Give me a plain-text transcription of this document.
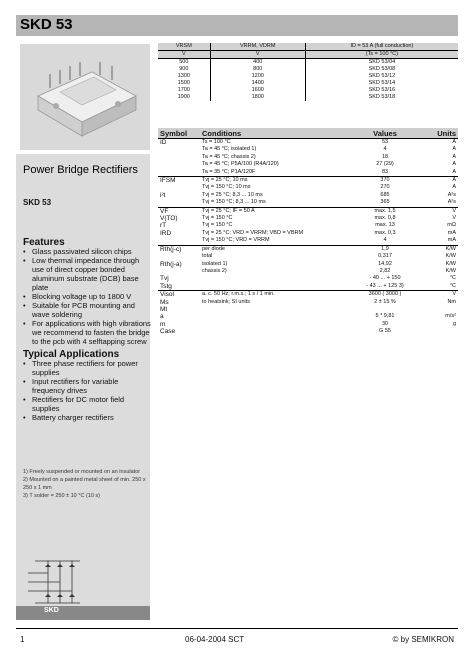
SKD 53
Power Bridge Rectifiers
SKD 53
Features
• Glass passivated silicon chips
• Low thermal impedance through use of direct copper bonded aluminum substrate (DCB) base plate
• Blocking voltage up to 1800 V
• Suitable for PCB mounting and wave soldering
• For applications with high vibrations we recommend to fasten the bridge to the pcb with 4 selftapping screw
Typical Applications
• Three phase rectifiers for power supplies
• Input rectifiers for variable frequency drives
• Rectifiers for DC motor field supplies
• Battery charger rectifiers
1) Freely suspended or mounted on an insulator
2) Mounted on a painted metal sheet of min. 250 x 250 x 1 mm
3) T solder = 250 ± 10 °C (10 s)
SKD
VRSM	VRRM, VDRM	ID = 53 A (full conduction)
V	V	(Ts = 100 °C)
500	400	SKD 53/04
900	800	SKD 53/08
1300	1200	SKD 53/12
1500	1400	SKD 53/14
1700	1600	SKD 53/16
1900	1800	SKD 53/18
Symbol	Conditions	Values	Units
ID	Ts = 100 °C	53	A
	Ta = 45 °C; isolated 1)	4	A
	Ta = 45 °C; chassis 2)	18	A
	Ta = 45 °C; P5A/100 (R4A/120)	27 (29)	A
	Ta = 35 °C; P1A/120F	83	A
IFSM	Tvj = 25 °C; 10 ms	370	A
	Tvj = 150 °C; 10 ms	270	A
i²t	Tvj = 25 °C; 8,3 ... 10 ms	685	A²s
	Tvj = 150 °C; 8,3 ... 10 ms	365	A²s
VF	Tvj = 25 °C; IF = 50 A	max. 1,5	V
V(TO)	Tvj = 150 °C	max. 0,8	V
rT	Tvj = 150 °C	max. 13	mΩ
IRD	Tvj = 25 °C; VRD = VRRM; VBD = VBRM	max. 0,3	mA
	Tvj = 150 °C; VRD = VRRM	4	mA
Rth(j-c)	per diode	1,9	K/W
	total	0,317	K/W
Rth(j-a)	isolated 1)	14,92	K/W
	chassis 2)	2,82	K/W
Tvj		- 40 ... + 150	°C
Tstg		- 43 ... + 125 3)	°C
Visol	a. c. 50 Hz; r.m.s.; 1 s / 1 min.	3600 ( 3000 )	V
Ms	to heatsink; SI units	2 ± 15 %	Nm
Mt			
a		5 * 9,81	m/s²
m		30	g
Case		G 55	
1	06-04-2004 SCT	© by SEMIKRON
